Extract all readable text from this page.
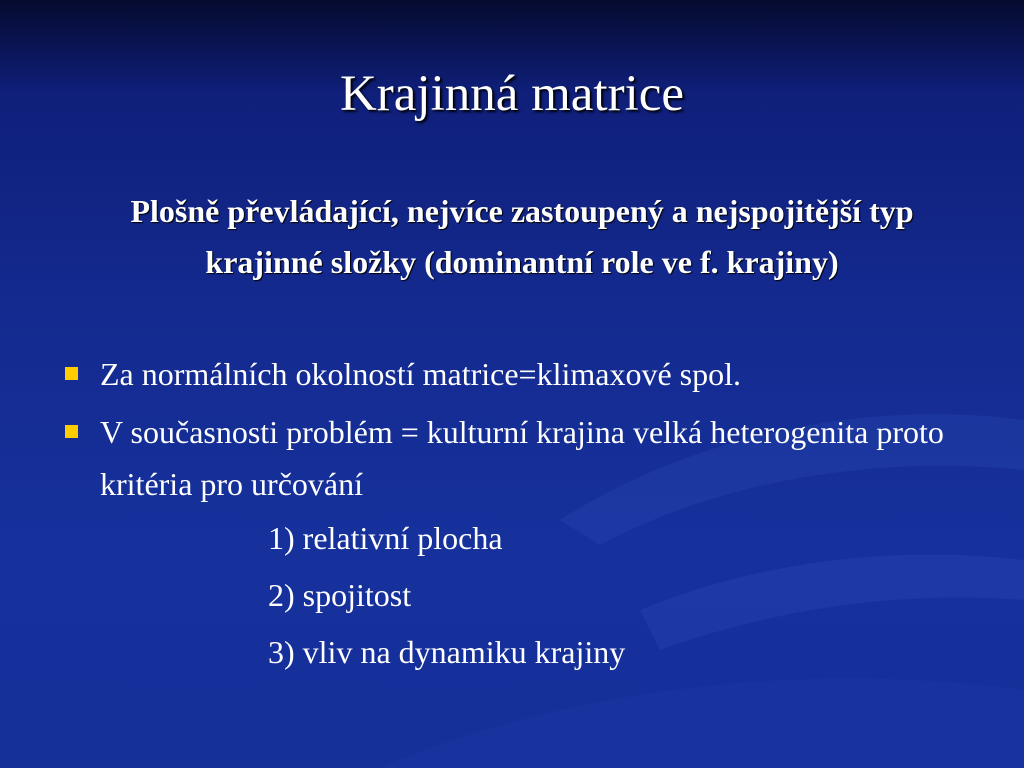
Krajinná matrice
Plošně převládající, nejvíce zastoupený a nejspojitější typ krajinné složky (dominantní role ve f. krajiny)
Za normálních okolností matrice=klimaxové spol.
V současnosti problém = kulturní krajina velká heterogenita proto kritéria pro určování
1) relativní plocha
2) spojitost
3) vliv na dynamiku krajiny
